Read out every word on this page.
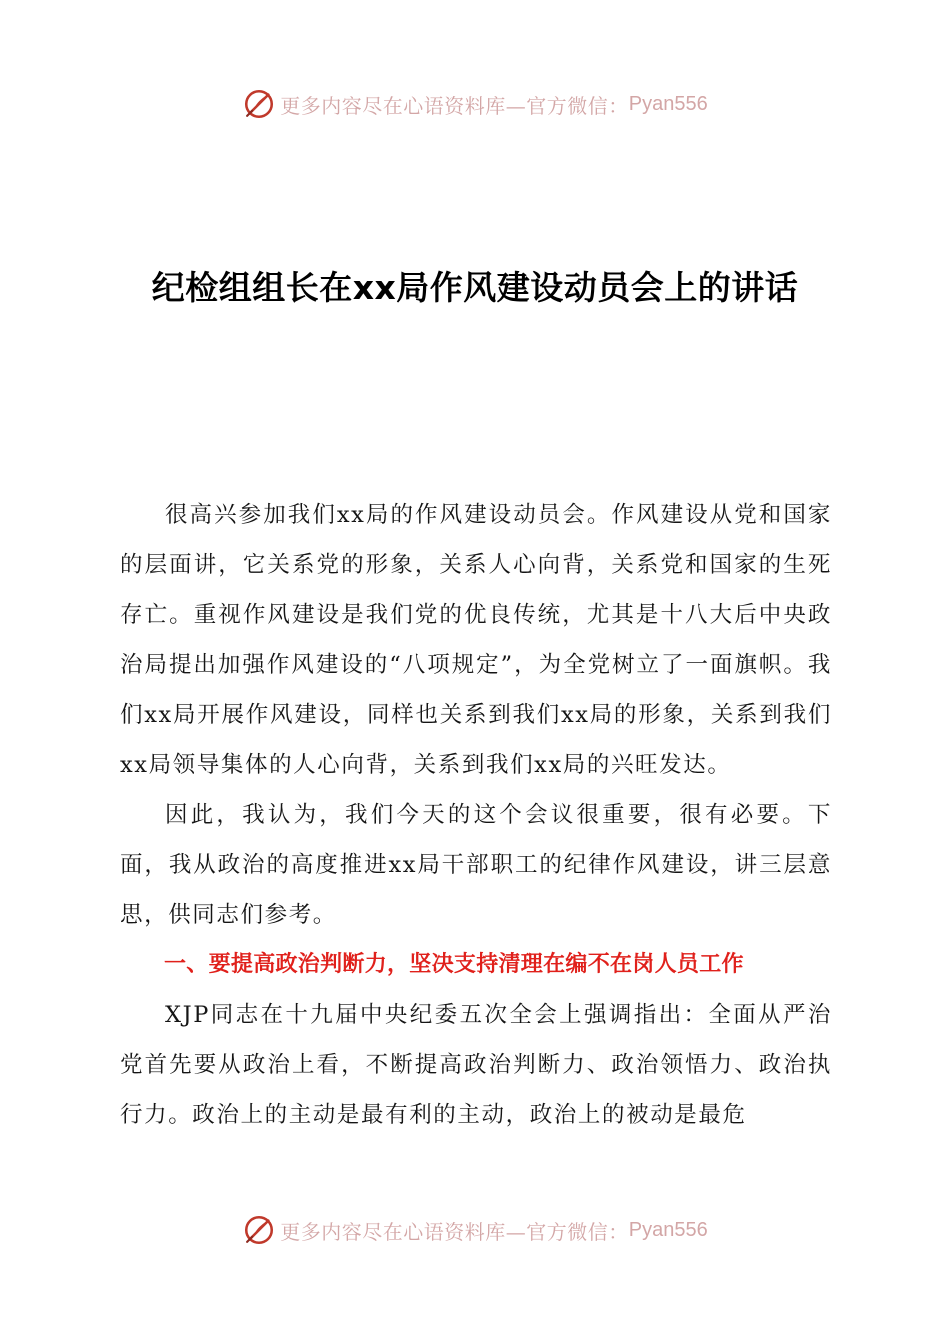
更多内容尽在心语资料库—官方微信： Pyan556
纪检组组长在xx局作风建设动员会上的讲话

很高兴参加我们xx局的作风建设动员会。作风建设从党和国家的层面讲，它关系党的形象，关系人心向背，关系党和国家的生死存亡。重视作风建设是我们党的优良传统，尤其是十八大后中央政治局提出加强作风建设的“八项规定”，为全党树立了一面旗帜。我们xx局开展作风建设，同样也关系到我们xx局的形象，关系到我们xx局领导集体的人心向背，关系到我们xx局的兴旺发达。

因此，我认为，我们今天的这个会议很重要，很有必要。下面，我从政治的高度推进xx局干部职工的纪律作风建设，讲三层意思，供同志们参考。

一、要提高政治判断力，坚决支持清理在编不在岗人员工作

XJP同志在十九届中央纪委五次全会上强调指出：全面从严治党首先要从政治上看，不断提高政治判断力、政治领悟力、政治执行力。政治上的主动是最有利的主动，政治上的被动是最危

更多内容尽在心语资料库—官方微信： Pyan556
